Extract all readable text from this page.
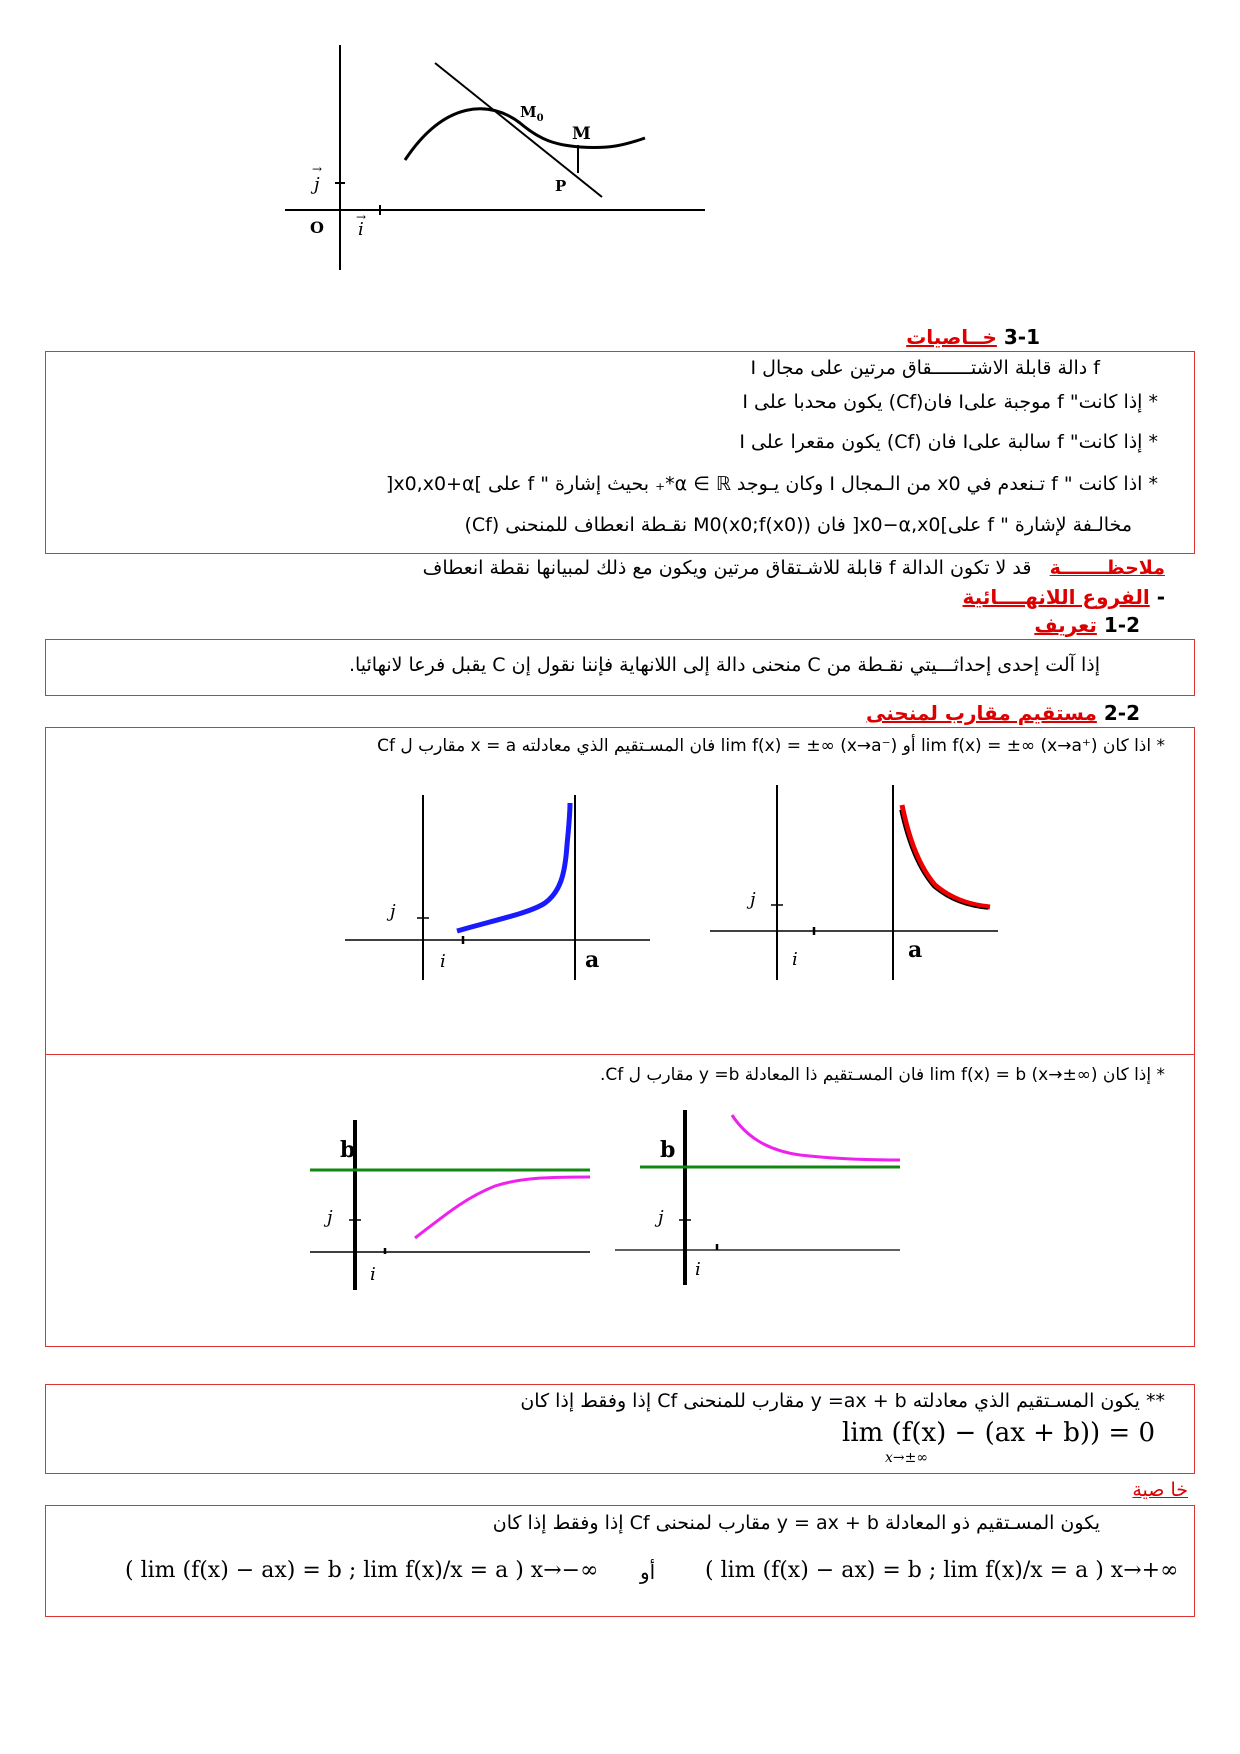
$M_0$
M
P
O i
j
→
→
3-1 خــاصيات
f دالة قابلة الاشتـــــــقاق مرتين على مجال I
* إذا كانت" f موجبة علىI فان(Cf) يكون محدبا على I
* إذا كانت" f سالبة علىI فان (Cf) يكون مقعرا على I
* اذا كانت " f تـنعدم في x0 من الـمجال I وكان يـوجد α ∈ ℝ*₊ بحيث إشارة " f على ]x0,x0+α[
مخالـفة لإشارة " f على]x0−α,x0[ فان M0(x0;f(x0)) نقـطة انعطاف للمنحنى (Cf)
ملاحظـــــــة   قد لا تكون الدالة f قابلة للاشـتقاق مرتين ويكون مع ذلك لمبيانها نقطة انعطاف
- الفروع اللانهــــائية
1-2 تعريف
إذا آلت إحدى إحداثـــيتي نقـطة من C منحنى دالة إلى اللانهاية فإننا نقول إن C يقبل فرعا لانهائيا.
2-2 مستقيم مقارب لمنحنى
* اذا كان lim f(x) = ±∞ (x→a⁺) أو lim f(x) = ±∞ (x→a⁻) فان المسـتقيم الذي معادلته x = a مقارب ل Cf
a
i
j
a
i
j
* إذا كان lim f(x) = b (x→±∞) فان المسـتقيم ذا المعادلة y =b مقارب ل Cf.
b
i
j
b
i
j
** يكون المسـتقيم الذي معادلته y =ax + b مقارب للمنحنى Cf إذا وفقط إذا كان
lim (f(x) − (ax + b)) = 0
x→±∞
خا صية
يكون المسـتقيم ذو المعادلة y = ax + b مقارب لمنحنى Cf إذا وفقط إذا كان
( lim (f(x) − ax) = b ; lim f(x)/x = a ) x→+∞
أو
( lim (f(x) − ax) = b ; lim f(x)/x = a ) x→−∞
